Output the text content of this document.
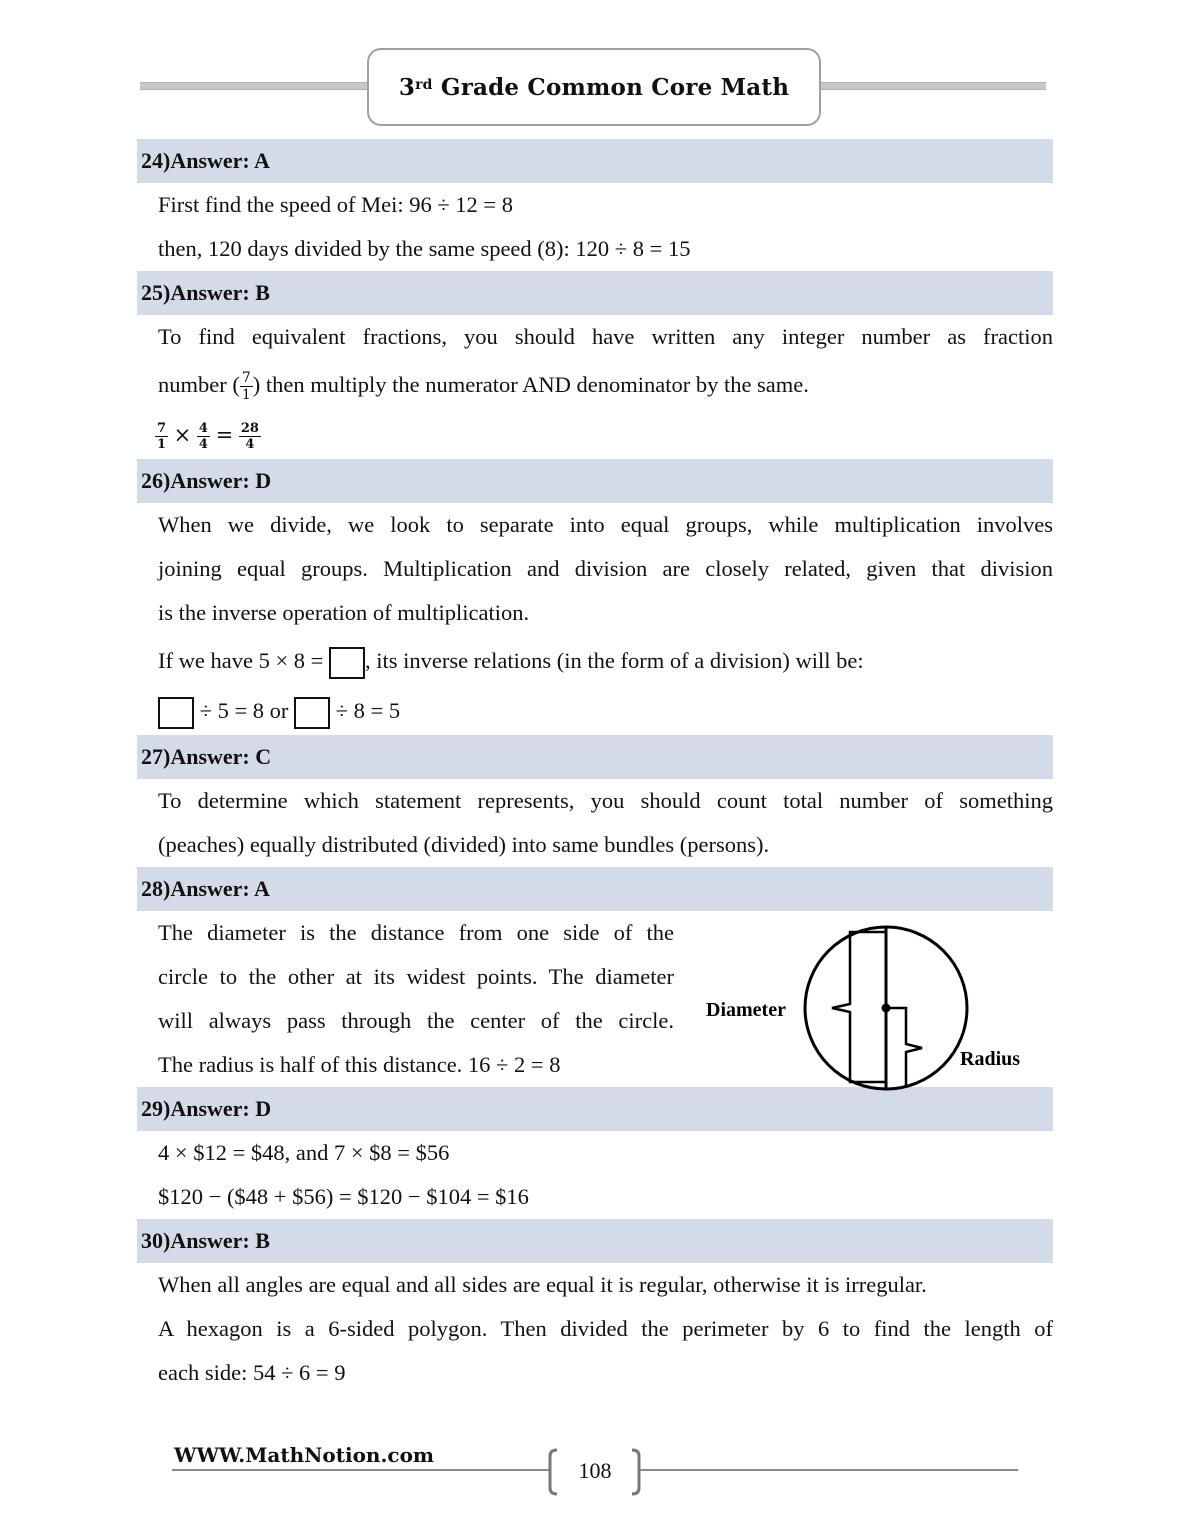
3rd Grade Common Core Math
24)Answer: A
First find the speed of Mei: 96 ÷ 12 = 8
then, 120 days divided by the same speed (8): 120 ÷ 8 = 15
25)Answer: B
To find equivalent fractions, you should have written any integer number as fraction
number ( $\frac{7}{1}$ ) then multiply the numerator AND denominator by the same.
$\frac{7}{1} \times \frac{4}{4} = \frac{28}{4}$
26)Answer: D
When we divide, we look to separate into equal groups, while multiplication involves
joining equal groups. Multiplication and division are closely related, given that division
is the inverse operation of multiplication.
If we have 5 × 8 = , its inverse relations (in the form of a division) will be:
÷ 5 = 8 or  ÷ 8 = 5
27)Answer: C
To determine which statement represents, you should count total number of something
(peaches) equally distributed (divided) into same bundles (persons).
28)Answer: A
The diameter is the distance from one side of the
circle to the other at its widest points. The diameter
will always pass through the center of the circle.
The radius is half of this distance. 16 ÷ 2 = 8
29)Answer: D
4 × $12 = $48, and 7 × $8 = $56
$120 − ($48 + $56) = $120 − $104 = $16
30)Answer: B
When all angles are equal and all sides are equal it is regular, otherwise it is irregular.
A hexagon is a 6-sided polygon. Then divided the perimeter by 6 to find the length of
each side: 54 ÷ 6 = 9
Diameter
Radius
WWW.MathNotion.com
108
